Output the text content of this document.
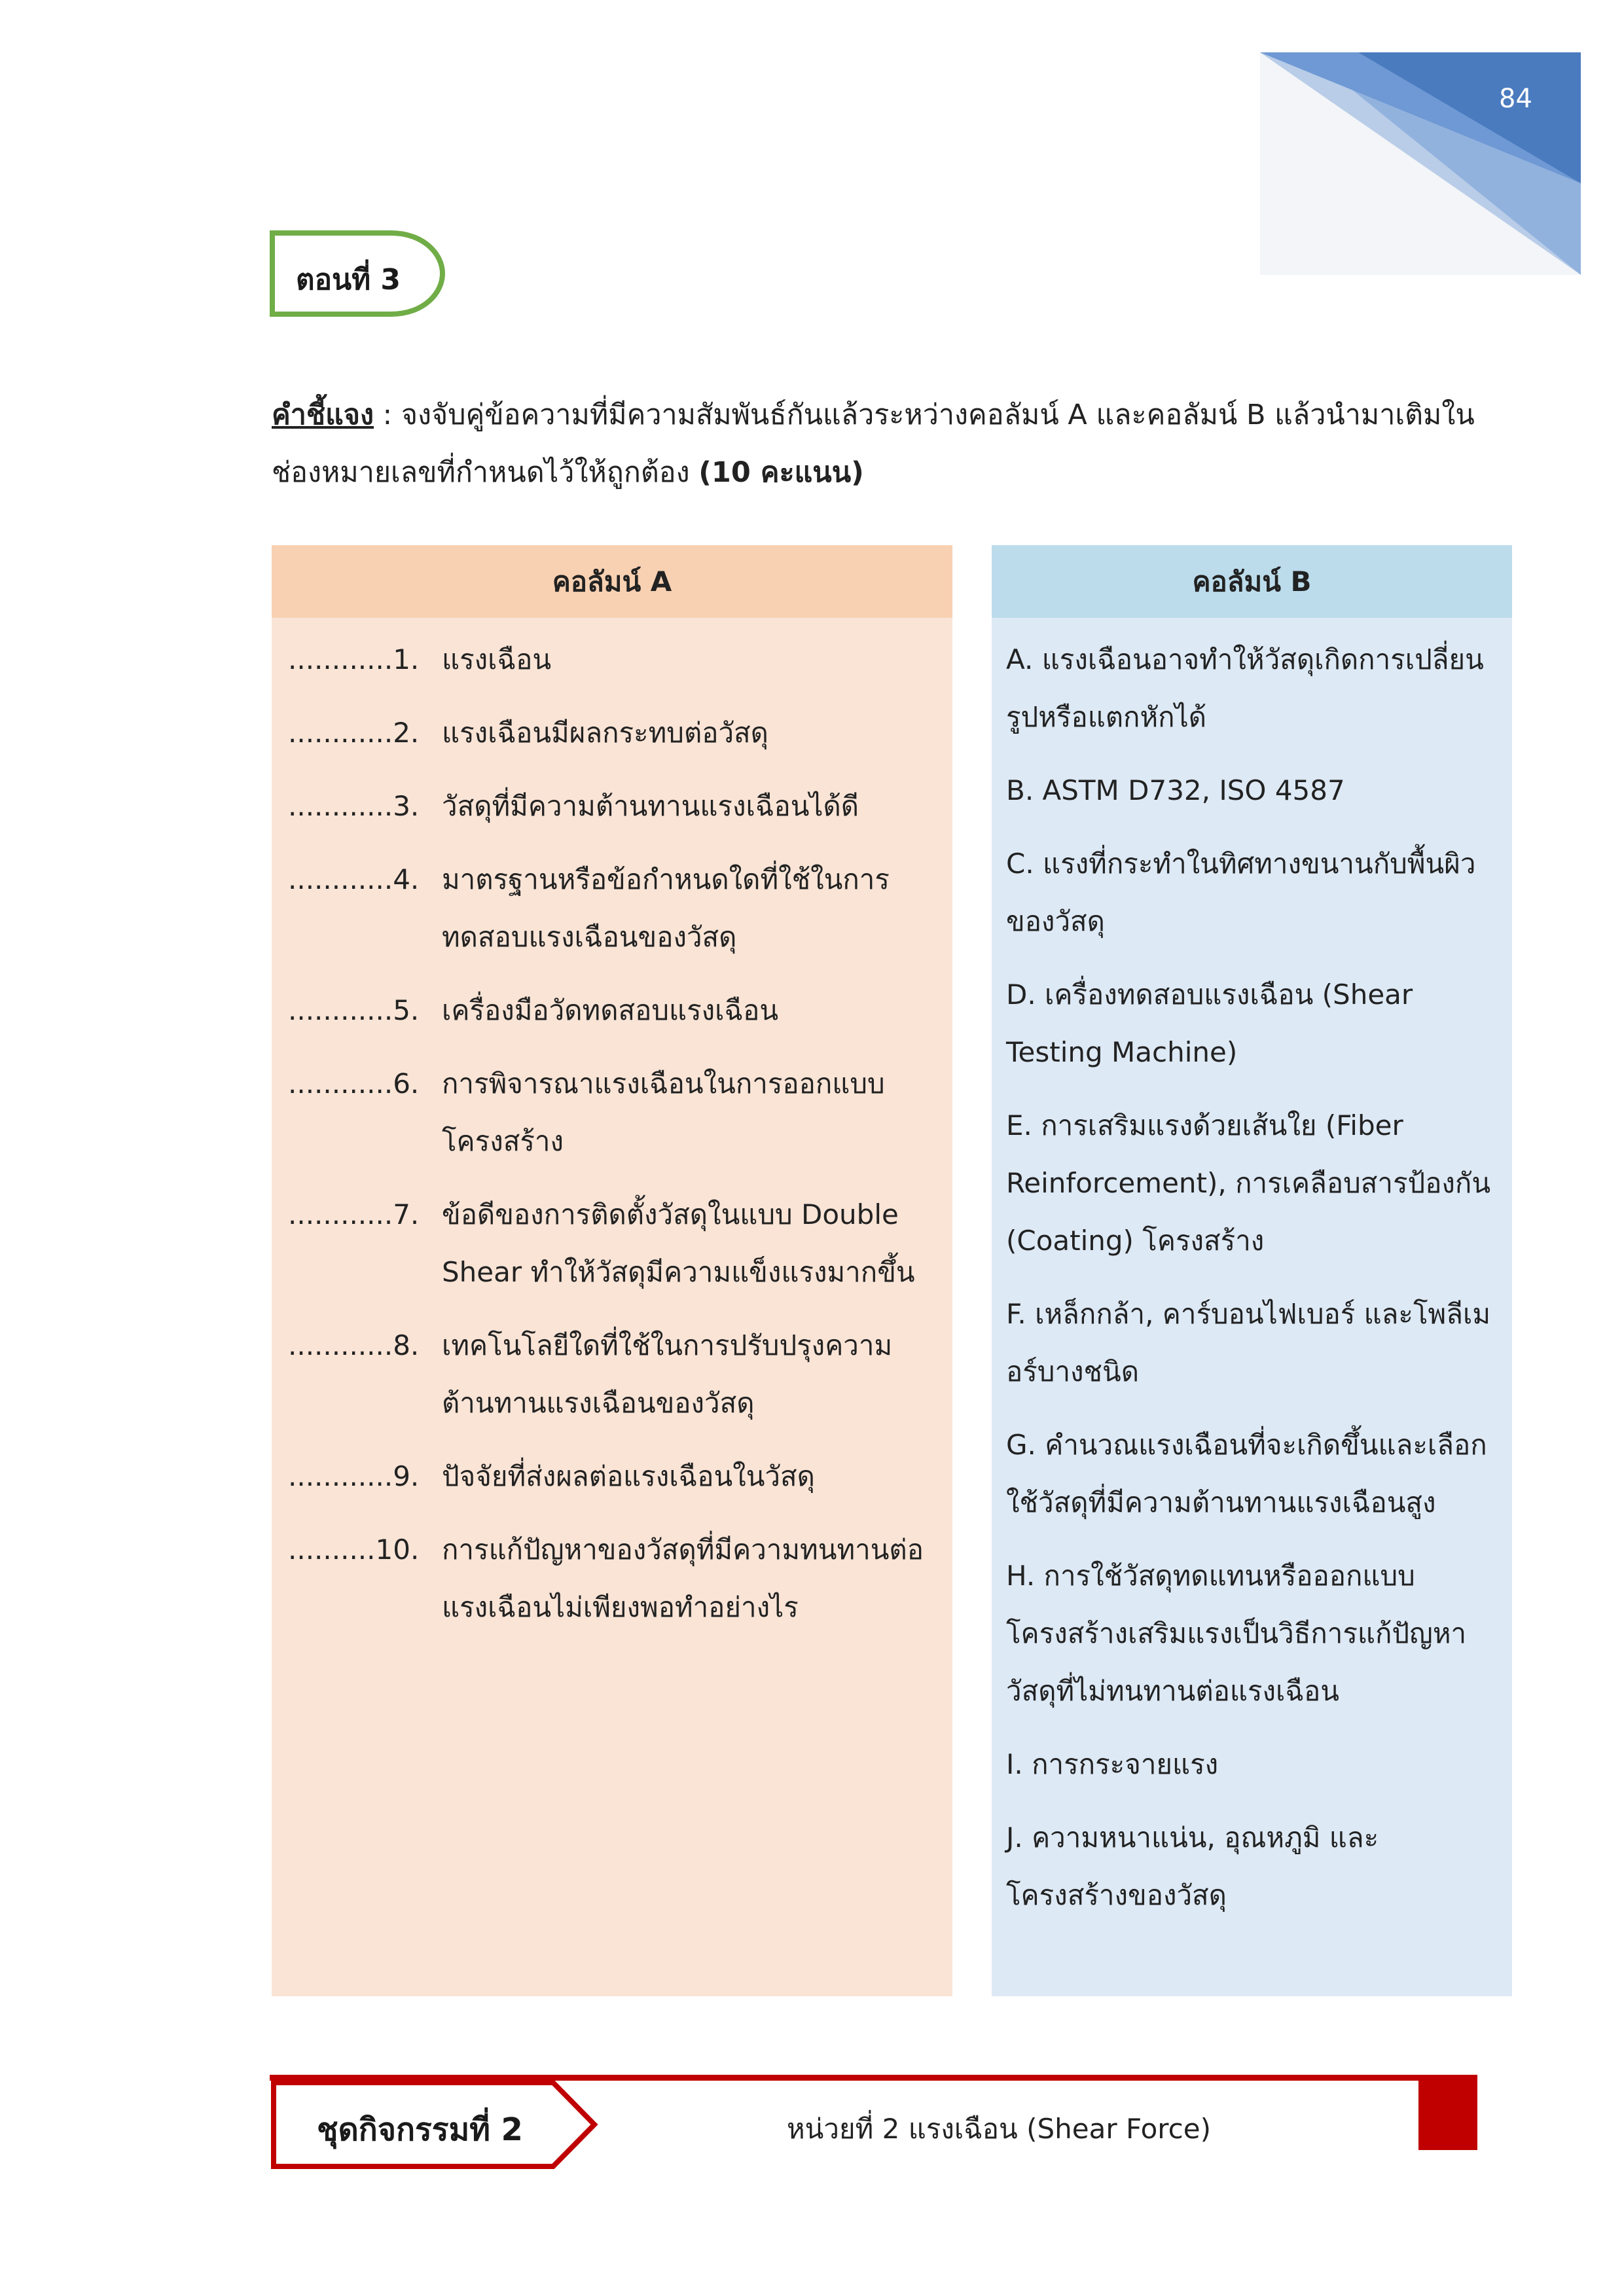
84
ตอนที่ 3
คำชี้แจง : จงจับคู่ข้อความที่มีความสัมพันธ์กันแล้วระหว่างคอลัมน์ A และคอลัมน์ B แล้วนำมาเติมในช่องหมายเลขที่กำหนดไว้ให้ถูกต้อง (10 คะแนน)
คอลัมน์ A
............1. แรงเฉือน
............2. แรงเฉือนมีผลกระทบต่อวัสดุ
............3. วัสดุที่มีความต้านทานแรงเฉือนได้ดี
............4. มาตรฐานหรือข้อกำหนดใดที่ใช้ในการทดสอบแรงเฉือนของวัสดุ
............5. เครื่องมือวัดทดสอบแรงเฉือน
............6. การพิจารณาแรงเฉือนในการออกแบบโครงสร้าง
............7. ข้อดีของการติดตั้งวัสดุในแบบ Double Shear ทำให้วัสดุมีความแข็งแรงมากขึ้น
............8. เทคโนโลยีใดที่ใช้ในการปรับปรุงความต้านทานแรงเฉือนของวัสดุ
............9. ปัจจัยที่ส่งผลต่อแรงเฉือนในวัสดุ
..........10. การแก้ปัญหาของวัสดุที่มีความทนทานต่อแรงเฉือนไม่เพียงพอทำอย่างไร
คอลัมน์ B
A. แรงเฉือนอาจทำให้วัสดุเกิดการเปลี่ยนรูปหรือแตกหักได้
B. ASTM D732, ISO 4587
C. แรงที่กระทำในทิศทางขนานกับพื้นผิวของวัสดุ
D. เครื่องทดสอบแรงเฉือน (Shear Testing Machine)
E. การเสริมแรงด้วยเส้นใย (Fiber Reinforcement), การเคลือบสารป้องกัน (Coating) โครงสร้าง
F. เหล็กกล้า, คาร์บอนไฟเบอร์ และโพลีเมอร์บางชนิด
G. คำนวณแรงเฉือนที่จะเกิดขึ้นและเลือกใช้วัสดุที่มีความต้านทานแรงเฉือนสูง
H. การใช้วัสดุทดแทนหรือออกแบบโครงสร้างเสริมแรงเป็นวิธีการแก้ปัญหาวัสดุที่ไม่ทนทานต่อแรงเฉือน
I. การกระจายแรง
J. ความหนาแน่น, อุณหภูมิ และโครงสร้างของวัสดุ
ชุดกิจกรรมที่ 2	หน่วยที่ 2 แรงเฉือน (Shear Force)
